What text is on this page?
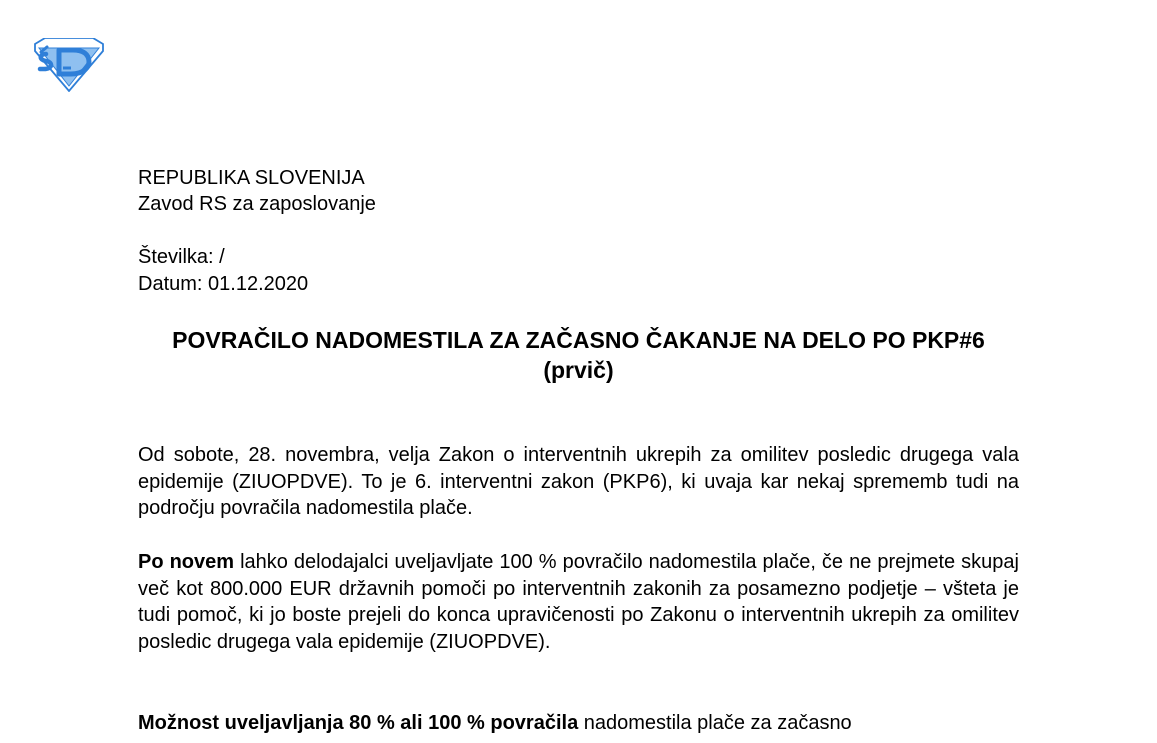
REPUBLIKA SLOVENIJA
Zavod RS za zaposlovanje
Številka: /
Datum: 01.12.2020
POVRAČILO NADOMESTILA ZA ZAČASNO ČAKANJE NA DELO PO PKP#6 (prvič)

Od sobote, 28. novembra, velja Zakon o interventnih ukrepih za omilitev posledic drugega vala epidemije (ZIUOPDVE). To je 6. interventni zakon (PKP6), ki uvaja kar nekaj sprememb tudi na področju povračila nadomestila plače.

Po novem lahko delodajalci uveljavljate 100 % povračilo nadomestila plače, če ne prejmete skupaj več kot 800.000 EUR državnih pomoči po interventnih zakonih za posamezno podjetje – všteta je tudi pomoč, ki jo boste prejeli do konca upravičenosti po Zakonu o interventnih ukrepih za omilitev posledic drugega vala epidemije (ZIUOPDVE).

Možnost uveljavljanja 80 % ali 100 % povračila nadomestila plače za začasno
